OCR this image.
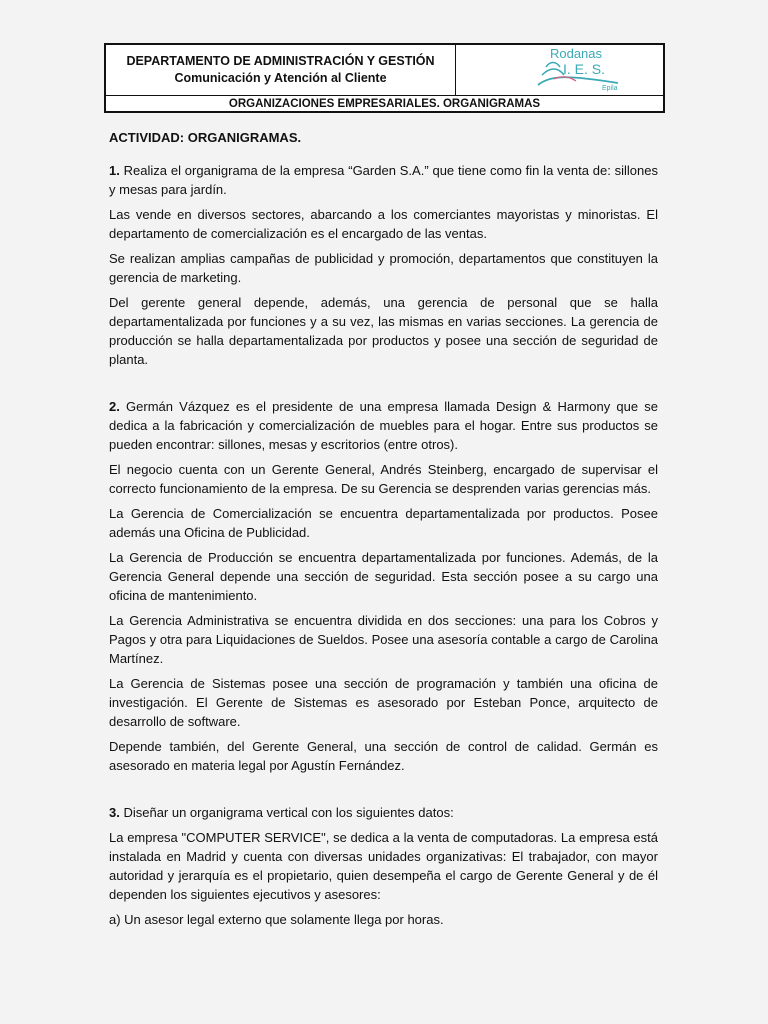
DEPARTAMENTO DE ADMINISTRACIÓN Y GESTIÓN
Comunicación y Atención al Cliente
Rodanas
I. E. S.
Epila
ORGANIZACIONES EMPRESARIALES. ORGANIGRAMAS

ACTIVIDAD: ORGANIGRAMAS.

1. Realiza el organigrama de la empresa “Garden S.A.” que tiene como fin la venta de: sillones y mesas para jardín.

Las vende en diversos sectores, abarcando a los comerciantes mayoristas y minoristas. El departamento de comercialización es el encargado de las ventas.

Se realizan amplias campañas de publicidad y promoción, departamentos que constituyen la gerencia de marketing.

Del gerente general depende, además, una gerencia de personal que se halla departamentalizada por funciones y a su vez, las mismas en varias secciones. La gerencia de producción se halla departamentalizada por productos y posee una sección de seguridad de planta.

2. Germán Vázquez es el presidente de una empresa llamada Design & Harmony que se dedica a la fabricación y comercialización de muebles para el hogar. Entre sus productos se pueden encontrar: sillones, mesas y escritorios (entre otros).

El negocio cuenta con un Gerente General, Andrés Steinberg, encargado de supervisar el correcto funcionamiento de la empresa. De su Gerencia se desprenden varias gerencias más.

La Gerencia de Comercialización se encuentra departamentalizada por productos. Posee además una Oficina de Publicidad.

La Gerencia de Producción se encuentra departamentalizada por funciones. Además, de la Gerencia General depende una sección de seguridad. Esta sección posee a su cargo una oficina de mantenimiento.

La Gerencia Administrativa se encuentra dividida en dos secciones: una para los Cobros y Pagos y otra para Liquidaciones de Sueldos. Posee una asesoría contable a cargo de Carolina Martínez.

La Gerencia de Sistemas posee una sección de programación y también una oficina de investigación. El Gerente de Sistemas es asesorado por Esteban Ponce, arquitecto de desarrollo de software.

Depende también, del Gerente General, una sección de control de calidad. Germán es asesorado en materia legal por Agustín Fernández.

3. Diseñar un organigrama vertical con los siguientes datos:

La empresa "COMPUTER SERVICE", se dedica a la venta de computadoras. La empresa está instalada en Madrid y cuenta con diversas unidades organizativas: El trabajador, con mayor autoridad y jerarquía es el propietario, quien desempeña el cargo de Gerente General y de él dependen los siguientes ejecutivos y asesores:

a) Un asesor legal externo que solamente llega por horas.
